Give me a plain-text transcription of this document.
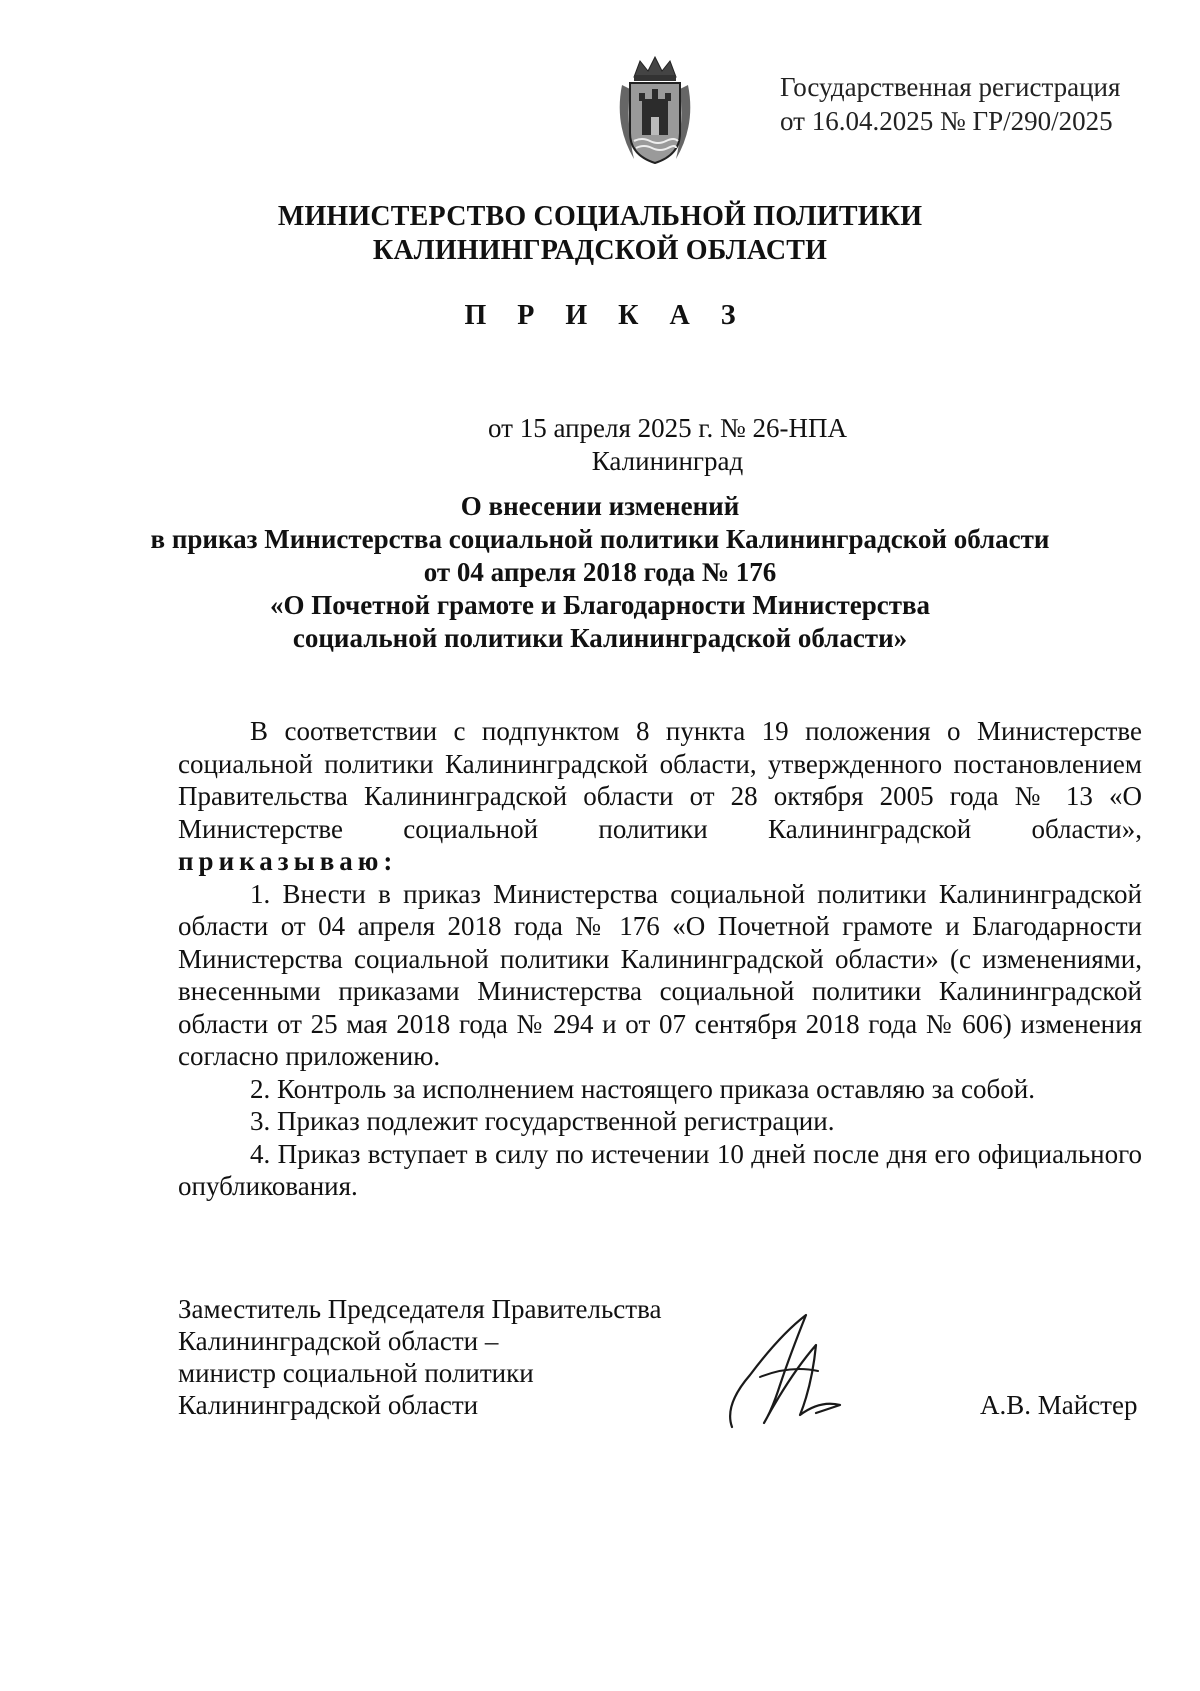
Государственная регистрация
от 16.04.2025 № ГР/290/2025
МИНИСТЕРСТВО СОЦИАЛЬНОЙ ПОЛИТИКИ
КАЛИНИНГРАДСКОЙ ОБЛАСТИ
П Р И К А З
от 15 апреля 2025 г. № 26-НПА
Калининград
О внесении изменений
в приказ Министерства социальной политики Калининградской области
от 04 апреля 2018 года № 176
«О Почетной грамоте и Благодарности Министерства
социальной политики Калининградской области»

В соответствии с подпунктом 8 пункта 19 положения о Министерстве социальной политики Калининградской области, утвержденного постановлением Правительства Калининградской области от 28 октября 2005 года № 13 «О Министерстве социальной политики Калининградской области», приказываю:

1. Внести в приказ Министерства социальной политики Калининградской области от 04 апреля 2018 года № 176 «О Почетной грамоте и Благодарности Министерства социальной политики Калининградской области» (с изменениями, внесенными приказами Министерства социальной политики Калининградской области от 25 мая 2018 года № 294 и от 07 сентября 2018 года № 606) изменения согласно приложению.

2. Контроль за исполнением настоящего приказа оставляю за собой.

3. Приказ подлежит государственной регистрации.

4. Приказ вступает в силу по истечении 10 дней после дня его официального опубликования.

Заместитель Председателя Правительства
Калининградской области –
министр социальной политики
Калининградской области	А.В. Майстер
